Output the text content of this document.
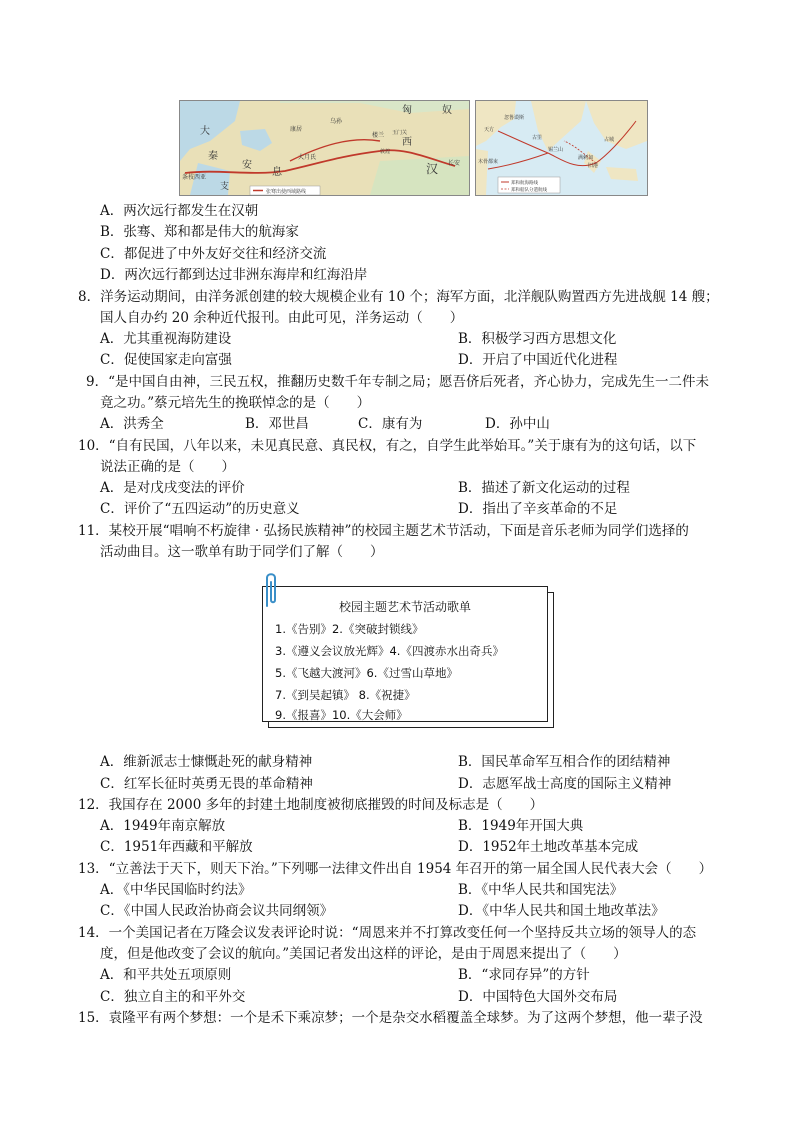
大
秦
安
息
支
条枝西亚
康居
大月氏
乌孙
匈	奴
楼兰 玉门关
西
汉 长安
敦煌
张骞出使西域路线
旧港
满剌加
锡兰山
古里
忽鲁谟斯
木骨都束
天方
占城
郑和航海路线
郑和船队分遣航线
A．两次远行都发生在汉朝
B．张骞、郑和都是伟大的航海家
C．都促进了中外友好交往和经济交流
D．两次远行都到达过非洲东海岸和红海沿岸
8．洋务运动期间，由洋务派创建的较大规模企业有 10 个；海军方面，北洋舰队购置西方先进战舰 14 艘；
国人自办约 20 余种近代报刊。由此可见，洋务运动（　　）
A．尤其重视海防建设	B．积极学习西方思想文化
C．促使国家走向富强	D．开启了中国近代化进程
9．“是中国自由神，三民五权，推翻历史数千年专制之局；愿吾侪后死者，齐心协力，完成先生一二件未
竟之功。”蔡元培先生的挽联悼念的是（　　）
A．洪秀全	B．邓世昌	C．康有为	D．孙中山
10．“自有民国，八年以来，未见真民意、真民权，有之，自学生此举始耳。”关于康有为的这句话，以下
说法正确的是（　　）
A．是对戊戌变法的评价	B．描述了新文化运动的过程
C．评价了“五四运动”的历史意义	D．指出了辛亥革命的不足
11．某校开展“唱响不朽旋律 · 弘扬民族精神”的校园主题艺术节活动，下面是音乐老师为同学们选择的
活动曲目。这一歌单有助于同学们了解（　　）
校园主题艺术节活动歌单
1.《告别》2.《突破封锁线》
3.《遵义会议放光辉》4.《四渡赤水出奇兵》
5.《飞越大渡河》6.《过雪山草地》
7.《到吴起镇》 8.《祝捷》
9.《报喜》10.《大会师》
A．维新派志士慷慨赴死的献身精神	B．国民革命军互相合作的团结精神
C．红军长征时英勇无畏的革命精神	D．志愿军战士高度的国际主义精神
12．我国存在 2000 多年的封建土地制度被彻底摧毁的时间及标志是（　　）
A．1949年南京解放	B．1949年开国大典
C．1951年西藏和平解放	D．1952年土地改革基本完成
13．“立善法于天下，则天下治。”下列哪一法律文件出自 1954 年召开的第一届全国人民代表大会（　　）
A．《中华民国临时约法》	B．《中华人民共和国宪法》
C．《中国人民政治协商会议共同纲领》	D．《中华人民共和国土地改革法》
14．一个美国记者在万隆会议发表评论时说：“周恩来并不打算改变任何一个坚持反共立场的领导人的态
度，但是他改变了会议的航向。”美国记者发出这样的评论，是由于周恩来提出了（　　）
A．和平共处五项原则	B．“求同存异”的方针
C．独立自主的和平外交	D．中国特色大国外交布局
15．袁隆平有两个梦想：一个是禾下乘凉梦；一个是杂交水稻覆盖全球梦。为了这两个梦想，他一辈子没
